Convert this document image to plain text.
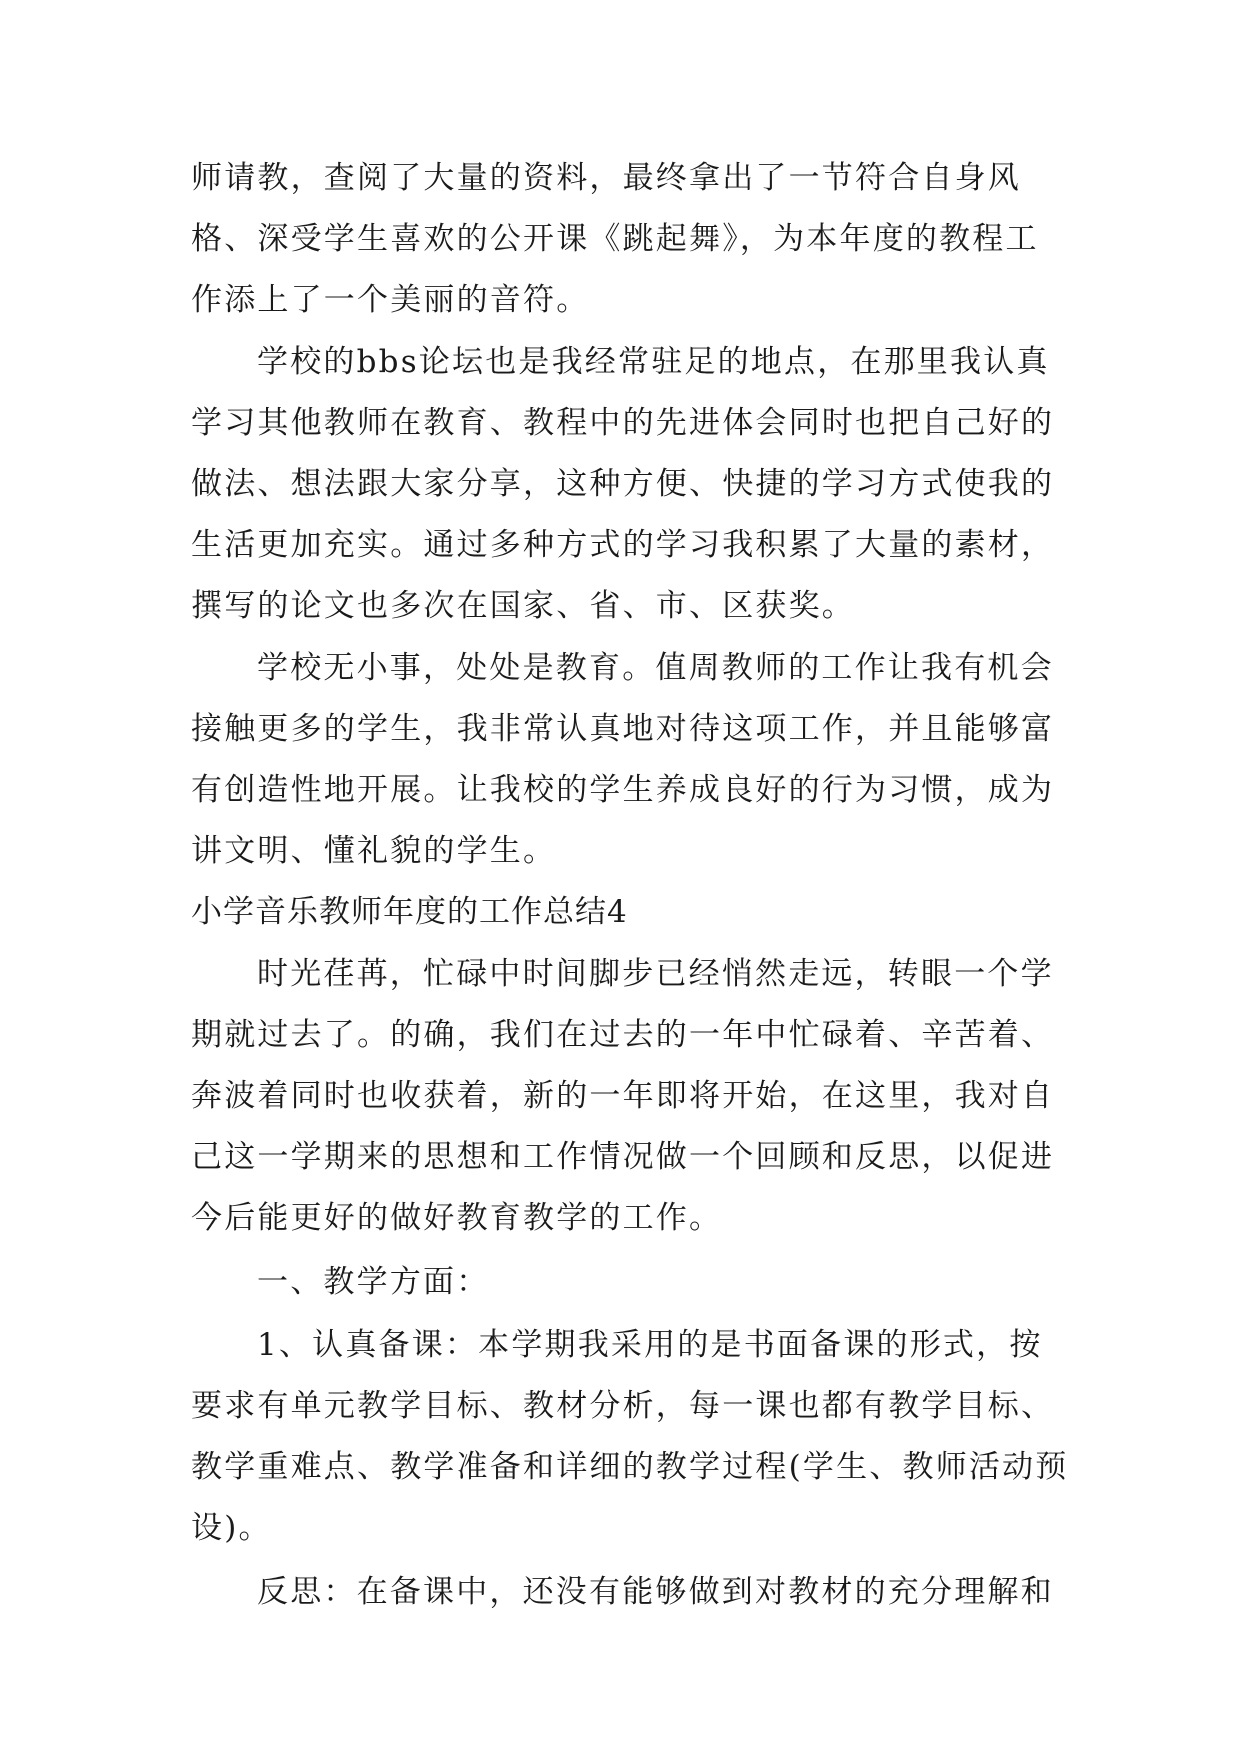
师请教，查阅了大量的资料，最终拿出了一节符合自身风格、深受学生喜欢的公开课《跳起舞》，为本年度的教程工作添上了一个美丽的音符。

学校的bbs论坛也是我经常驻足的地点，在那里我认真学习其他教师在教育、教程中的先进体会同时也把自己好的做法、想法跟大家分享，这种方便、快捷的学习方式使我的生活更加充实。通过多种方式的学习我积累了大量的素材，撰写的论文也多次在国家、省、市、区获奖。

学校无小事，处处是教育。值周教师的工作让我有机会接触更多的学生，我非常认真地对待这项工作，并且能够富有创造性地开展。让我校的学生养成良好的行为习惯，成为讲文明、懂礼貌的学生。

小学音乐教师年度的工作总结4

时光荏苒，忙碌中时间脚步已经悄然走远，转眼一个学期就过去了。的确，我们在过去的一年中忙碌着、辛苦着、奔波着同时也收获着，新的一年即将开始，在这里，我对自己这一学期来的思想和工作情况做一个回顾和反思，以促进今后能更好的做好教育教学的工作。

一、教学方面：

1、认真备课：本学期我采用的是书面备课的形式，按要求有单元教学目标、教材分析，每一课也都有教学目标、教学重难点、教学准备和详细的教学过程(学生、教师活动预设)。

反思：在备课中，还没有能够做到对教材的充分理解和
